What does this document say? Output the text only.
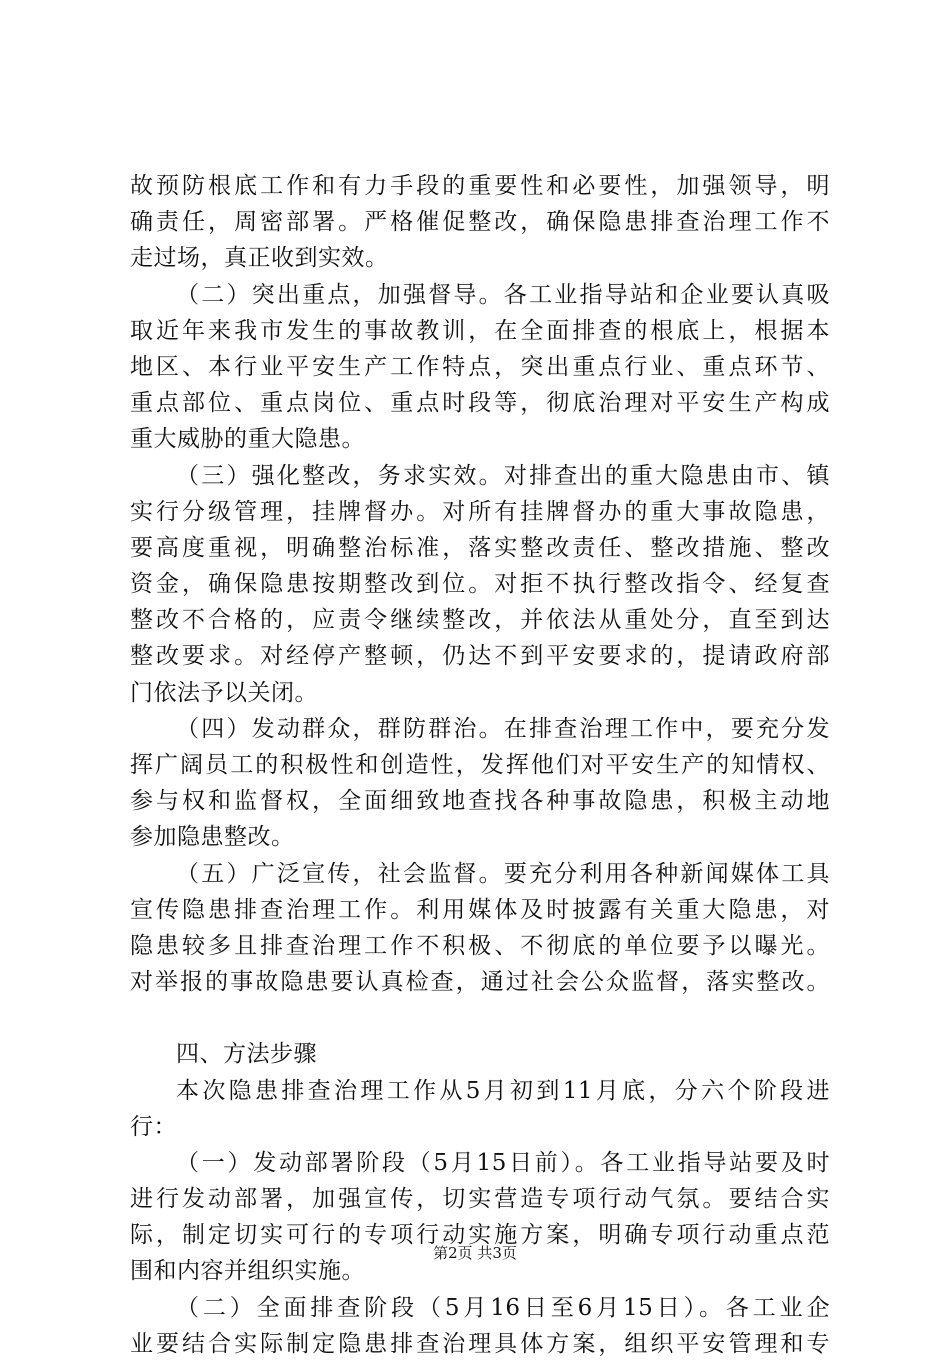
故预防根底工作和有力手段的重要性和必要性，加强领导，明
确责任，周密部署。严格催促整改，确保隐患排查治理工作不
走过场，真正收到实效。
（二）突出重点，加强督导。各工业指导站和企业要认真吸
取近年来我市发生的事故教训，在全面排查的根底上，根据本
地区、本行业平安生产工作特点，突出重点行业、重点环节、
重点部位、重点岗位、重点时段等，彻底治理对平安生产构成
重大威胁的重大隐患。
（三）强化整改，务求实效。对排查出的重大隐患由市、镇
实行分级管理，挂牌督办。对所有挂牌督办的重大事故隐患，
要高度重视，明确整治标准，落实整改责任、整改措施、整改
资金，确保隐患按期整改到位。对拒不执行整改指令、经复查
整改不合格的，应责令继续整改，并依法从重处分，直至到达
整改要求。对经停产整顿，仍达不到平安要求的，提请政府部
门依法予以关闭。
（四）发动群众，群防群治。在排查治理工作中，要充分发
挥广阔员工的积极性和创造性，发挥他们对平安生产的知情权、
参与权和监督权，全面细致地查找各种事故隐患，积极主动地
参加隐患整改。
（五）广泛宣传，社会监督。要充分利用各种新闻媒体工具
宣传隐患排查治理工作。利用媒体及时披露有关重大隐患，对
隐患较多且排查治理工作不积极、不彻底的单位要予以曝光。
对举报的事故隐患要认真检查，通过社会公众监督，落实整改。
四、方法步骤
本次隐患排查治理工作从5月初到11月底，分六个阶段进
行：
（一）发动部署阶段（5月15日前）。各工业指导站要及时
进行发动部署，加强宣传，切实营造专项行动气氛。要结合实
际，制定切实可行的专项行动实施方案，明确专项行动重点范
围和内容并组织实施。
（二）全面排查阶段（5月16日至6月15日）。各工业企
业要结合实际制定隐患排查治理具体方案，组织平安管理和专
第2页 共3页
